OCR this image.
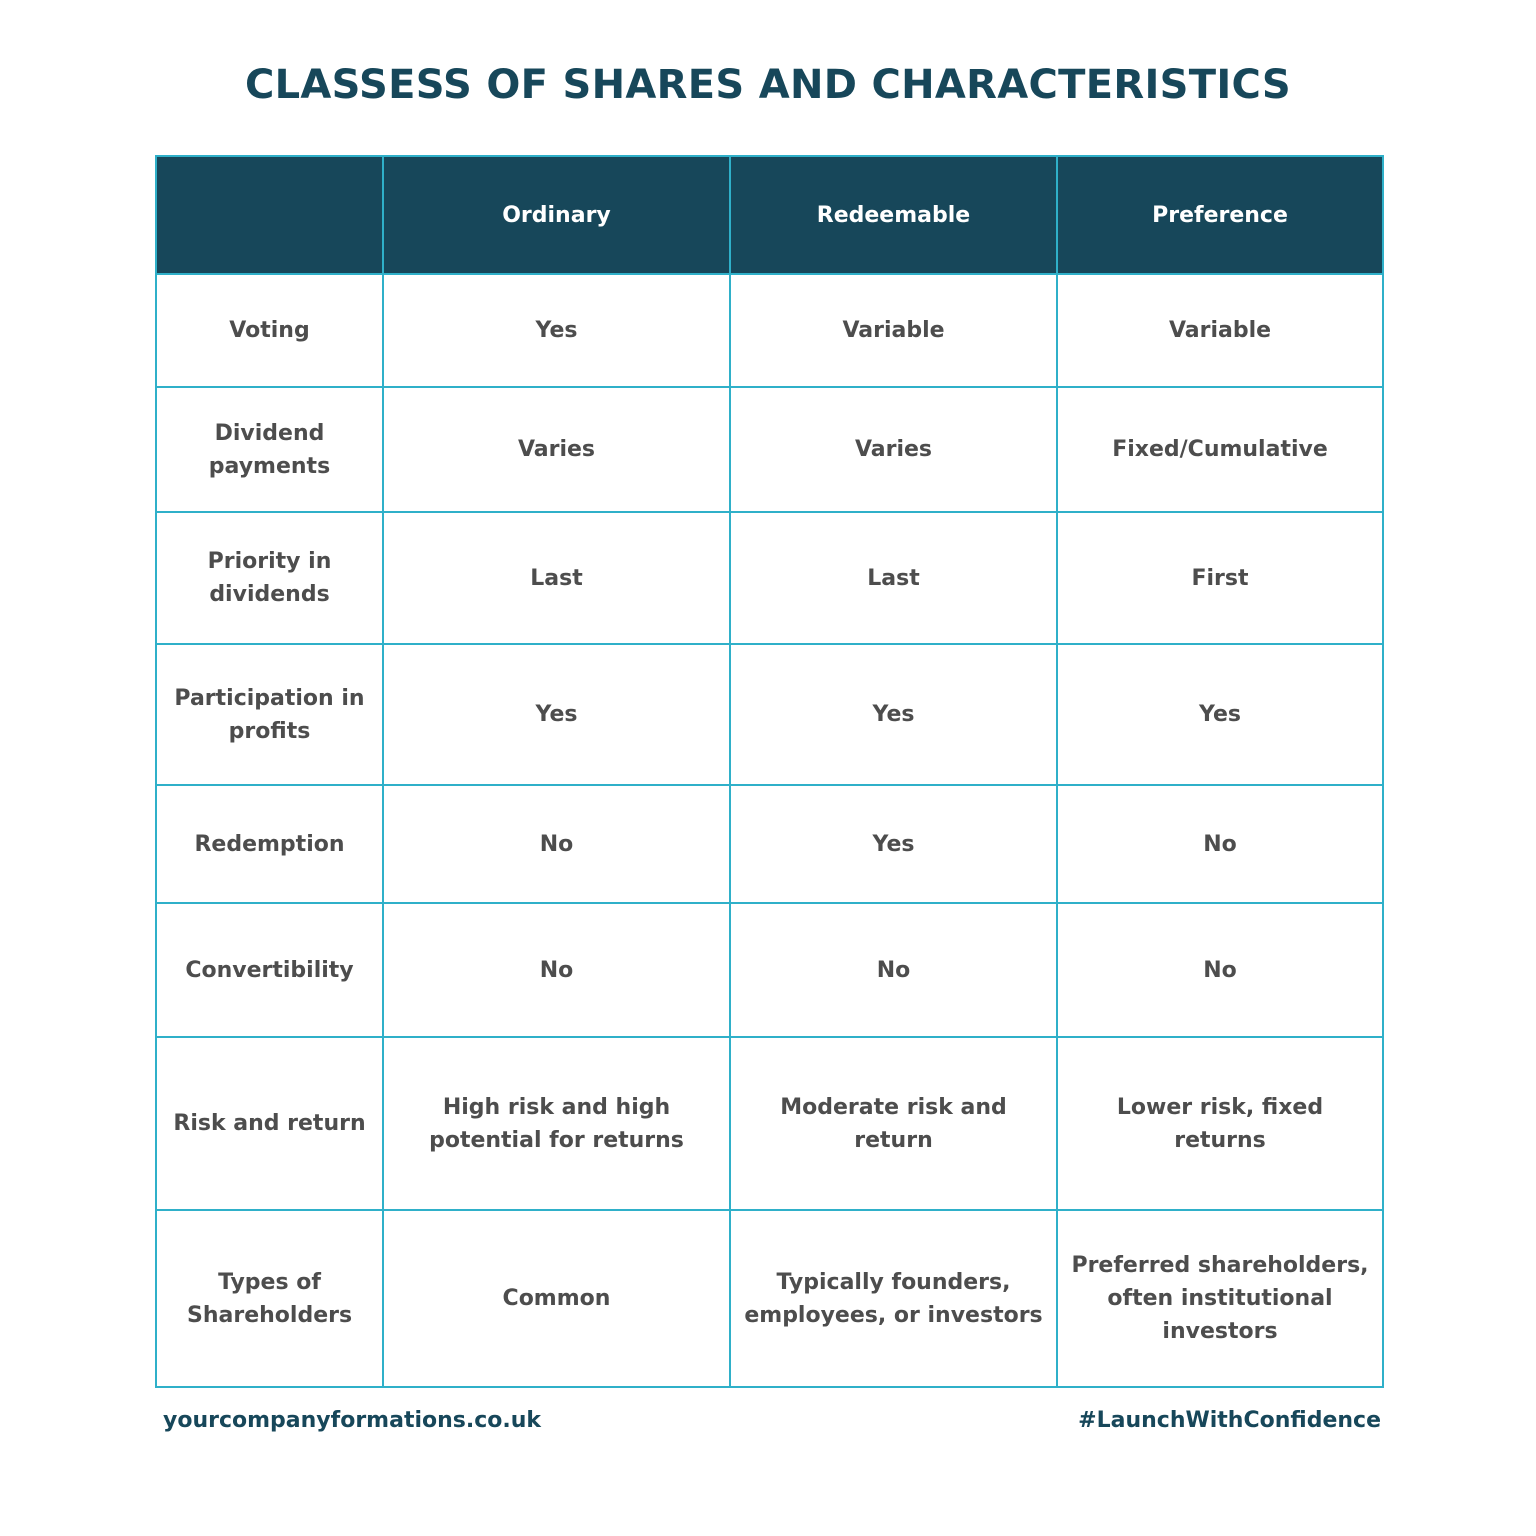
CLASSESS OF SHARES AND CHARACTERISTICS
	Ordinary	Redeemable	Preference
Voting	Yes	Variable	Variable
Dividend payments	Varies	Varies	Fixed/Cumulative
Priority in dividends	Last	Last	First
Participation in profits	Yes	Yes	Yes
Redemption	No	Yes	No
Convertibility	No	No	No
Risk and return	High risk and high potential for returns	Moderate risk and return	Lower risk, fixed returns
Types of Shareholders	Common	Typically founders, employees, or investors	Preferred shareholders, often institutional investors
yourcompanyformations.co.uk	#LaunchWithConfidence
